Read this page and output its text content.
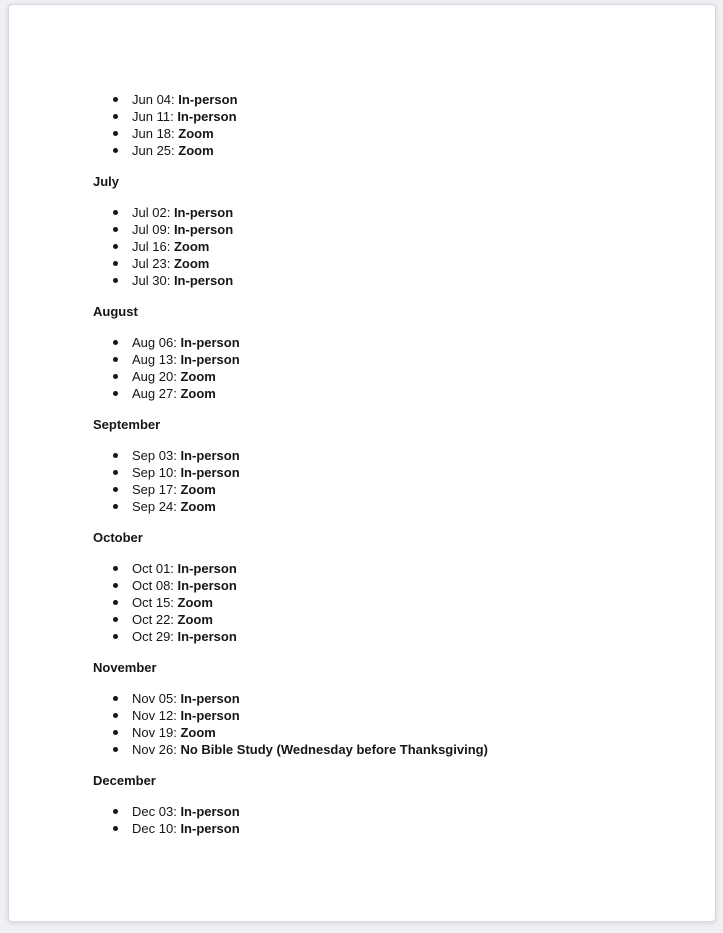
Jun 04: In-person
Jun 11: In-person
Jun 18: Zoom
Jun 25: Zoom
July
Jul 02: In-person
Jul 09: In-person
Jul 16: Zoom
Jul 23: Zoom
Jul 30: In-person
August
Aug 06: In-person
Aug 13: In-person
Aug 20: Zoom
Aug 27: Zoom
September
Sep 03: In-person
Sep 10: In-person
Sep 17: Zoom
Sep 24: Zoom
October
Oct 01: In-person
Oct 08: In-person
Oct 15: Zoom
Oct 22: Zoom
Oct 29: In-person
November
Nov 05: In-person
Nov 12: In-person
Nov 19: Zoom
Nov 26: No Bible Study (Wednesday before Thanksgiving)
December
Dec 03: In-person
Dec 10: In-person
